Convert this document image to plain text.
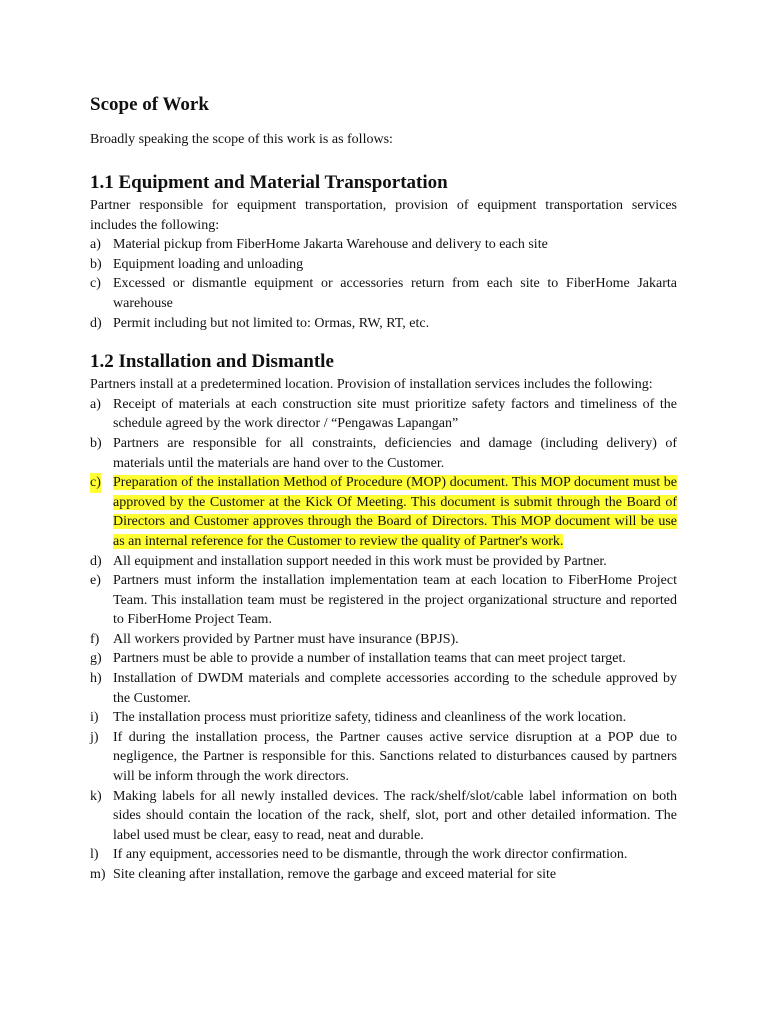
Scope of Work

Broadly speaking the scope of this work is as follows:

1.1 Equipment and Material Transportation

Partner responsible for equipment transportation, provision of equipment transportation services includes the following:

a) Material pickup from FiberHome Jakarta Warehouse and delivery to each site
b) Equipment loading and unloading
c) Excessed or dismantle equipment or accessories return from each site to FiberHome Jakarta warehouse
d) Permit including but not limited to: Ormas, RW, RT, etc.
1.2 Installation and Dismantle

Partners install at a predetermined location. Provision of installation services includes the following:

a) Receipt of materials at each construction site must prioritize safety factors and timeliness of the schedule agreed by the work director / “Pengawas Lapangan”
b) Partners are responsible for all constraints, deficiencies and damage (including delivery) of materials until the materials are hand over to the Customer.
c) Preparation of the installation Method of Procedure (MOP) document. This MOP document must be approved by the Customer at the Kick Of Meeting. This document is submit through the Board of Directors and Customer approves through the Board of Directors. This MOP document will be use as an internal reference for the Customer to review the quality of Partner's work.
d) All equipment and installation support needed in this work must be provided by Partner.
e) Partners must inform the installation implementation team at each location to FiberHome Project Team. This installation team must be registered in the project organizational structure and reported to FiberHome Project Team.
f) All workers provided by Partner must have insurance (BPJS).
g) Partners must be able to provide a number of installation teams that can meet project target.
h) Installation of DWDM materials and complete accessories according to the schedule approved by the Customer.
i) The installation process must prioritize safety, tidiness and cleanliness of the work location.
j) If during the installation process, the Partner causes active service disruption at a POP due to negligence, the Partner is responsible for this. Sanctions related to disturbances caused by partners will be inform through the work directors.
k) Making labels for all newly installed devices. The rack/shelf/slot/cable label information on both sides should contain the location of the rack, shelf, slot, port and other detailed information. The label used must be clear, easy to read, neat and durable.
l) If any equipment, accessories need to be dismantle, through the work director confirmation.
m) Site cleaning after installation, remove the garbage and exceed material for site
